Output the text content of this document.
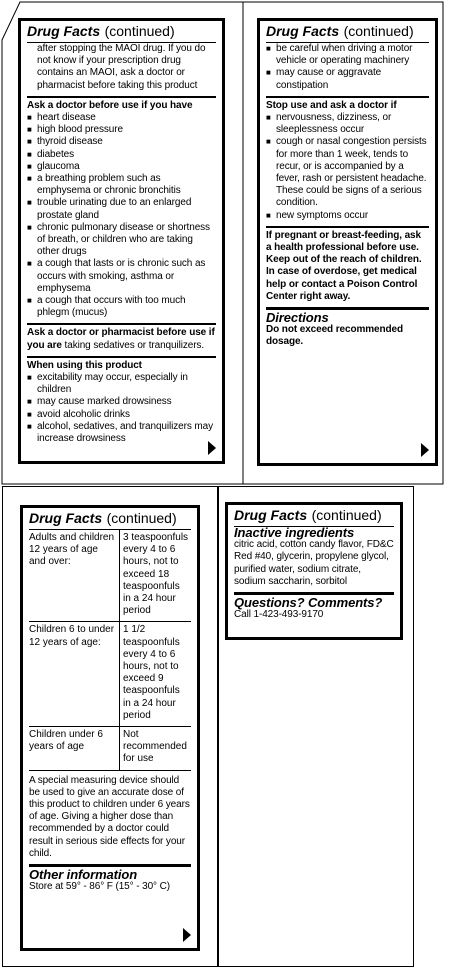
Drug Facts (continued)
after stopping the MAOI drug. If you do not know if your prescription drug contains an MAOI, ask a doctor or pharmacist before taking this product
Ask a doctor before use if you have
■ heart disease
■ high blood pressure
■ thyroid disease
■ diabetes
■ glaucoma
■ a breathing problem such as emphysema or chronic bronchitis
■ trouble urinating due to an enlarged prostate gland
■ chronic pulmonary disease or shortness of breath, or children who are taking other drugs
■ a cough that lasts or is chronic such as occurs with smoking, asthma or emphysema
■ a cough that occurs with too much phlegm (mucus)
Ask a doctor or pharmacist before use if you are taking sedatives or tranquilizers.
When using this product
■ excitability may occur, especially in children
■ may cause marked drowsiness
■ avoid alcoholic drinks
■ alcohol, sedatives, and tranquilizers may increase drowsiness
Drug Facts (continued)
■ be careful when driving a motor vehicle or operating machinery
■ may cause or aggravate constipation
Stop use and ask a doctor if
■ nervousness, dizziness, or sleeplessness occur
■ cough or nasal congestion persists for more than 1 week, tends to recur, or is accompanied by a fever, rash or persistent headache. These could be signs of a serious condition.
■ new symptoms occur
If pregnant or breast-feeding, ask a health professional before use.
Keep out of the reach of children.
In case of overdose, get medical help or contact a Poison Control Center right away.
Directions
Do not exceed recommended dosage.
Drug Facts (continued)
Adults and children 12 years of age and over:	3 teaspoonfuls every 4 to 6 hours, not to exceed 18 teaspoonfuls in a 24 hour period
Children 6 to under 12 years of age:	1 1/2 teaspoonfuls every 4 to 6 hours, not to exceed 9 teaspoonfuls in a 24 hour period
Children under 6 years of age	Not recommended for use
A special measuring device should be used to give an accurate dose of this product to children under 6 years of age. Giving a higher dose than recommended by a doctor could result in serious side effects for your child.
Other information
Store at 59° - 86° F (15° - 30° C)
Drug Facts (continued)
Inactive ingredients
citric acid, cotton candy flavor, FD&C Red #40, glycerin, propylene glycol, purified water, sodium citrate, sodium saccharin, sorbitol
Questions? Comments?
Call 1-423-493-9170
